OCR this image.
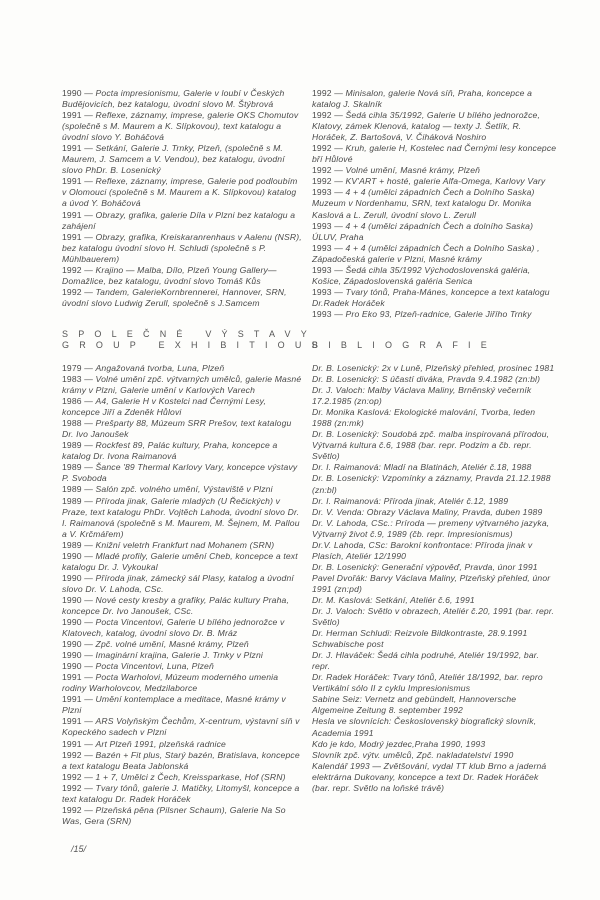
1990 — Pocta impresionismu, Galerie v loubí v Českých Budějovicích, bez katalogu, úvodní slovo M. Štýbrová

1991 — Reflexe, záznamy, imprese, galerie OKS Chomutov (společně s M. Maurem a K. Slípkovou), text katalogu a úvodní slovo Y. Boháčová

1991 — Setkání, Galerie J. Trnky, Plzeň, (společně s M. Maurem, J. Samcem a V. Vendou), bez katalogu, úvodní slovo PhDr. B. Losenický

1991 — Reflexe, záznamy, imprese, Galerie pod podloubím v Olomouci (společně s M. Maurem a K. Slípkovou) katalog a úvod Y. Boháčová

1991 — Obrazy, grafika, galerie Díla v Plzni bez katalogu a zahájení

1991 — Obrazy, grafika, Kreiskaranrenhaus v Aalenu (NSR), bez katalogu úvodní slovo H. Schludi (společně s P. Mühlbauerem)

1992 — Krajino — Malba, Dílo, Plzeň Young Gallery—Domažlice, bez katalogu, úvodní slovo Tomáš Kůs

1992 — Tandem, GalerieKornbrennerei, Hannover, SRN, úvodní slovo Ludwig Zerull, společně s J.Samcem

SPOLEČNÉ VÝSTAVY
GROUP EXHIBITIOUS

1979 — Angažovaná tvorba, Luna, Plzeň

1983 — Volné umění zpč. výtvarných umělců, galerie Masné krámy v Plzni, Galerie umění v Karlových Varech

1986 — A4, Galerie H v Kostelci nad Černými Lesy, koncepce Jiří a Zdeněk Hůlovi

1988 — Prešparty 88, Múzeum SRR Prešov, text katalogu Dr. Ivo Janoušek

1989 — Rockfest 89, Palác kultury, Praha, koncepce a katalog Dr. Ivona Raimanová

1989 — Šance '89 Thermal Karlovy Vary, koncepce výstavy P. Svoboda

1989 — Salón zpč. volného umění, Výstaviště v Plzni

1989 — Příroda jinak, Galerie mladých (U Řečických) v Praze, text katalogu PhDr. Vojtěch Lahoda, úvodní slovo Dr. I. Raimanová (společně s M. Maurem, M. Šejnem, M. Pallou a V. Krčmářem)

1989 — Knižní veletrh Frankfurt nad Mohanem (SRN)

1990 — Mladé profily, Galerie umění Cheb, koncepce a text katalogu Dr. J. Vykoukal

1990 — Příroda jinak, zámecký sál Plasy, katalog a úvodní slovo Dr. V. Lahoda, CSc.

1990 — Nové cesty kresby a grafiky, Palác kultury Praha, koncepce Dr. Ivo Janoušek, CSc.

1990 — Pocta Vincentovi, Galerie U bílého jednorožce v Klatovech, katalog, úvodní slovo Dr. B. Mráz

1990 — Zpč. volné umění, Masné krámy, Plzeň

1990 — Imaginární krajina, Galerie J. Trnky v Plzni

1990 — Pocta Vincentovi, Luna, Plzeň

1991 — Pocta Warholovi, Múzeum moderného umenia rodiny Warholovcov, Medzilaborce

1991 — Umění kontemplace a meditace, Masné krámy v Plzni

1991 — ARS Volyňským Čechům, X-centrum, výstavní síň v Kopeckého sadech v Plzni

1991 — Art Plzeň 1991, plzeňská radnice

1992 — Bazén + Fit plus, Starý bazén, Bratislava, koncepce a text katalogu Beata Jablonská

1992 — 1 + 7, Umělci z Čech, Kreissparkase, Hof (SRN)

1992 — Tvary tónů, galerie J. Matičky, Litomyšl, koncepce a text katalogu Dr. Radek Horáček

1992 — Plzeňská pěna (Pilsner Schaum), Galerie Na So Was, Gera (SRN)

1992 — Minisalon, galerie Nová síň, Praha, koncepce a katalog J. Skalník

1992 — Šedá cihla 35/1992, Galerie U bílého jednorožce, Klatovy, zámek Klenová, katalog — texty J. Šetlík, R. Horáček, Z. Bartošová, V. Čiháková Noshiro

1992 — Kruh, galerie H, Kostelec nad Černými lesy koncepce bří Hůlové

1992 — Volné umění, Masné krámy, Plzeň

1992 — KV'ART + hosté, galerie Alfa-Omega, Karlovy Vary

1993 — 4 + 4 (umělci západních Čech a Dolního Saska) Muzeum v Nordenhamu, SRN, text katalogu Dr. Monika Kaslová a L. Zerull, úvodní slovo L. Zerull

1993 — 4 + 4 (umělci západních Čech a dolního Saska) ÚLUV, Praha

1993 — 4 + 4 (umělci západních Čech a Dolního Saska) , Západočeská galerie v Plzni, Masné krámy

1993 — Šedá cihla 35/1992 Východoslovenská galéria, Košice, Západoslovenská galéria Senica

1993 — Tvary tónů, Praha-Mánes, koncepce a text katalogu Dr.Radek Horáček

1993 — Pro Eko 93, Plzeň-radnice, Galerie Jiřího Trnky

BIBLIOGRAFIE

Dr. B. Losenický: 2x v Luně, Plzeňský přehled, prosinec 1981

Dr. B. Losenický: S účastí diváka, Pravda 9.4.1982 (zn:bl)

Dr. J. Valoch: Malby Václava Maliny, Brněnský večerník 17.2.1985 (zn:op)

Dr. Monika Kaslová: Ekologické malování, Tvorba, leden 1988 (zn:mk)

Dr. B. Losenický: Soudobá zpč. malba inspirovaná přírodou, Výtvarná kultura č.6, 1988 (bar. repr. Podzim a čb. repr. Světlo)

Dr. I. Raimanová: Mladí na Blatinách, Ateliér č.18, 1988

Dr. B. Losenický: Vzpomínky a záznamy, Pravda 21.12.1988 (zn:bl)

Dr. I. Raimanová: Příroda jinak, Ateliér č.12, 1989

Dr. V. Venda: Obrazy Václava Maliny, Pravda, duben 1989

Dr. V. Lahoda, CSc.: Príroda — premeny výtvarného jazyka, Výtvarný život č.9, 1989 (čb. repr. Impresionismus)

Dr.V. Lahoda, CSc: Barokní konfrontace: Příroda jinak v Plasích, Ateliér 12/1990

Dr. B. Losenický: Generační výpověď, Pravda, únor 1991

Pavel Dvořák: Barvy Václava Maliny, Plzeňský přehled, únor 1991 (zn:pd)

Dr. M. Kaslová: Setkání, Ateliér č.6, 1991

Dr. J. Valoch: Světlo v obrazech, Ateliér č.20, 1991 (bar. repr. Světlo)

Dr. Herman Schludi: Reizvole Bildkontraste, 28.9.1991 Schwabische post

Dr. J. Hlaváček: Šedá cihla podruhé, Ateliér 19/1992, bar. repr.

Dr. Radek Horáček: Tvary tónů, Ateliér 18/1992, bar. repro Vertikální sólo II z cyklu Impresionismus

Sabine Seiz: Vernetz and gebündelt, Hannoversche Algemeine Zeitung 8. september 1992

Hesla ve slovnících: Československý biografický slovník, Academia 1991

Kdo je kdo, Modrý jezdec,Praha 1990, 1993

Slovník zpč. výtv. umělců, Zpč. nakladatelství 1990

Kalendář 1993 — Zvětšování, vydal TT klub Brno a jaderná elektrárna Dukovany, koncepce a text Dr. Radek Horáček (bar. repr. Světlo na loňské trávě)

/15/
